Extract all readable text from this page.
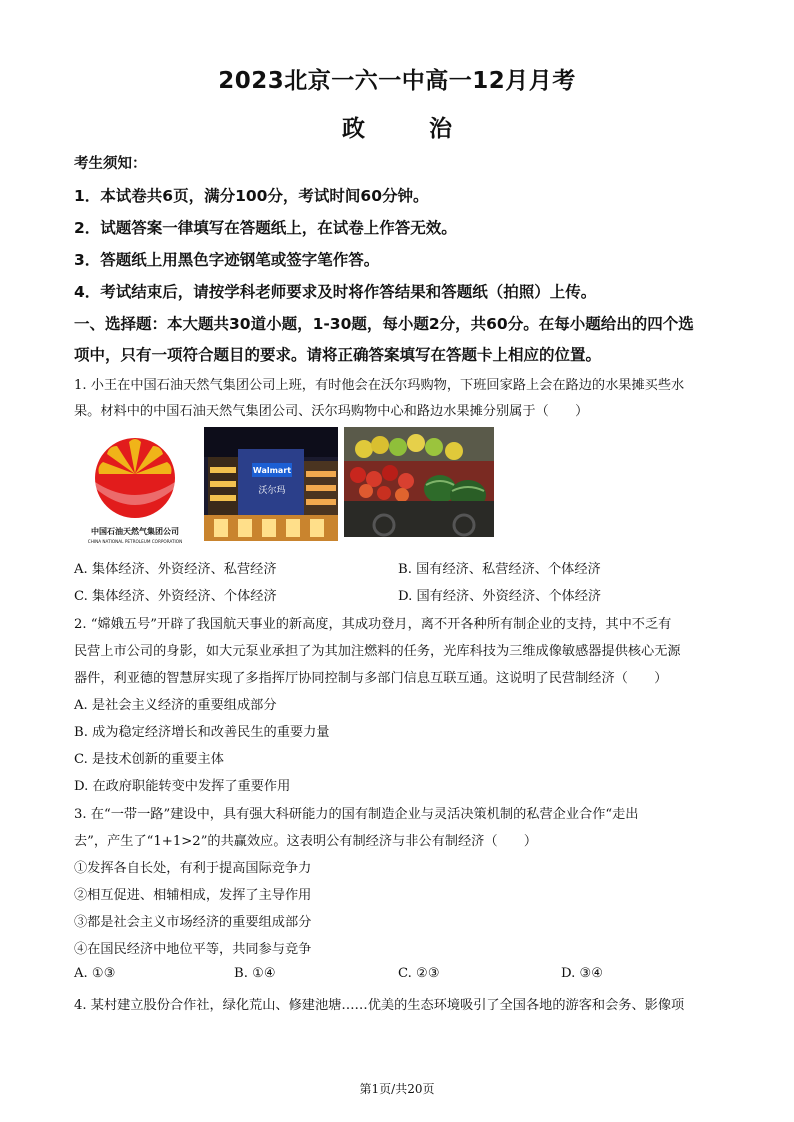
2023北京一六一中高一12月月考
政 治
考生须知：
1．本试卷共6页，满分100分，考试时间60分钟。
2．试题答案一律填写在答题纸上，在试卷上作答无效。
3．答题纸上用黑色字迹钢笔或签字笔作答。
4．考试结束后，请按学科老师要求及时将作答结果和答题纸（拍照）上传。
一、选择题：本大题共30道小题，1-30题，每小题2分，共60分。在每小题给出的四个选
项中，只有一项符合题目的要求。请将正确答案填写在答题卡上相应的位置。
1. 小王在中国石油天然气集团公司上班，有时他会在沃尔玛购物，下班回家路上会在路边的水果摊买些水
果。材料中的中国石油天然气集团公司、沃尔玛购物中心和路边水果摊分别属于（　　）
中国石油天然气集团公司
CHINA NATIONAL PETROLEUM CORPORATION
Walmart
沃尔玛
A. 集体经济、外资经济、私营经济	B. 国有经济、私营经济、个体经济
C. 集体经济、外资经济、个体经济	D. 国有经济、外资经济、个体经济
2. “嫦娥五号”开辟了我国航天事业的新高度，其成功登月，离不开各种所有制企业的支持，其中不乏有
民营上市公司的身影，如大元泵业承担了为其加注燃料的任务，光库科技为三维成像敏感器提供核心无源
器件，利亚德的智慧屏实现了多指挥厅协同控制与多部门信息互联互通。这说明了民营制经济（　　）
A. 是社会主义经济的重要组成部分
B. 成为稳定经济增长和改善民生的重要力量
C. 是技术创新的重要主体
D. 在政府职能转变中发挥了重要作用
3. 在“一带一路”建设中，具有强大科研能力的国有制造企业与灵活决策机制的私营企业合作“走出
去”，产生了“1+1>2”的共赢效应。这表明公有制经济与非公有制经济（　　）
①发挥各自长处，有利于提高国际竞争力
②相互促进、相辅相成，发挥了主导作用
③都是社会主义市场经济的重要组成部分
④在国民经济中地位平等，共同参与竞争
A. ①③	B. ①④	C. ②③	D. ③④
4. 某村建立股份合作社，绿化荒山、修建池塘……优美的生态环境吸引了全国各地的游客和会务、影像项
第1页/共20页
